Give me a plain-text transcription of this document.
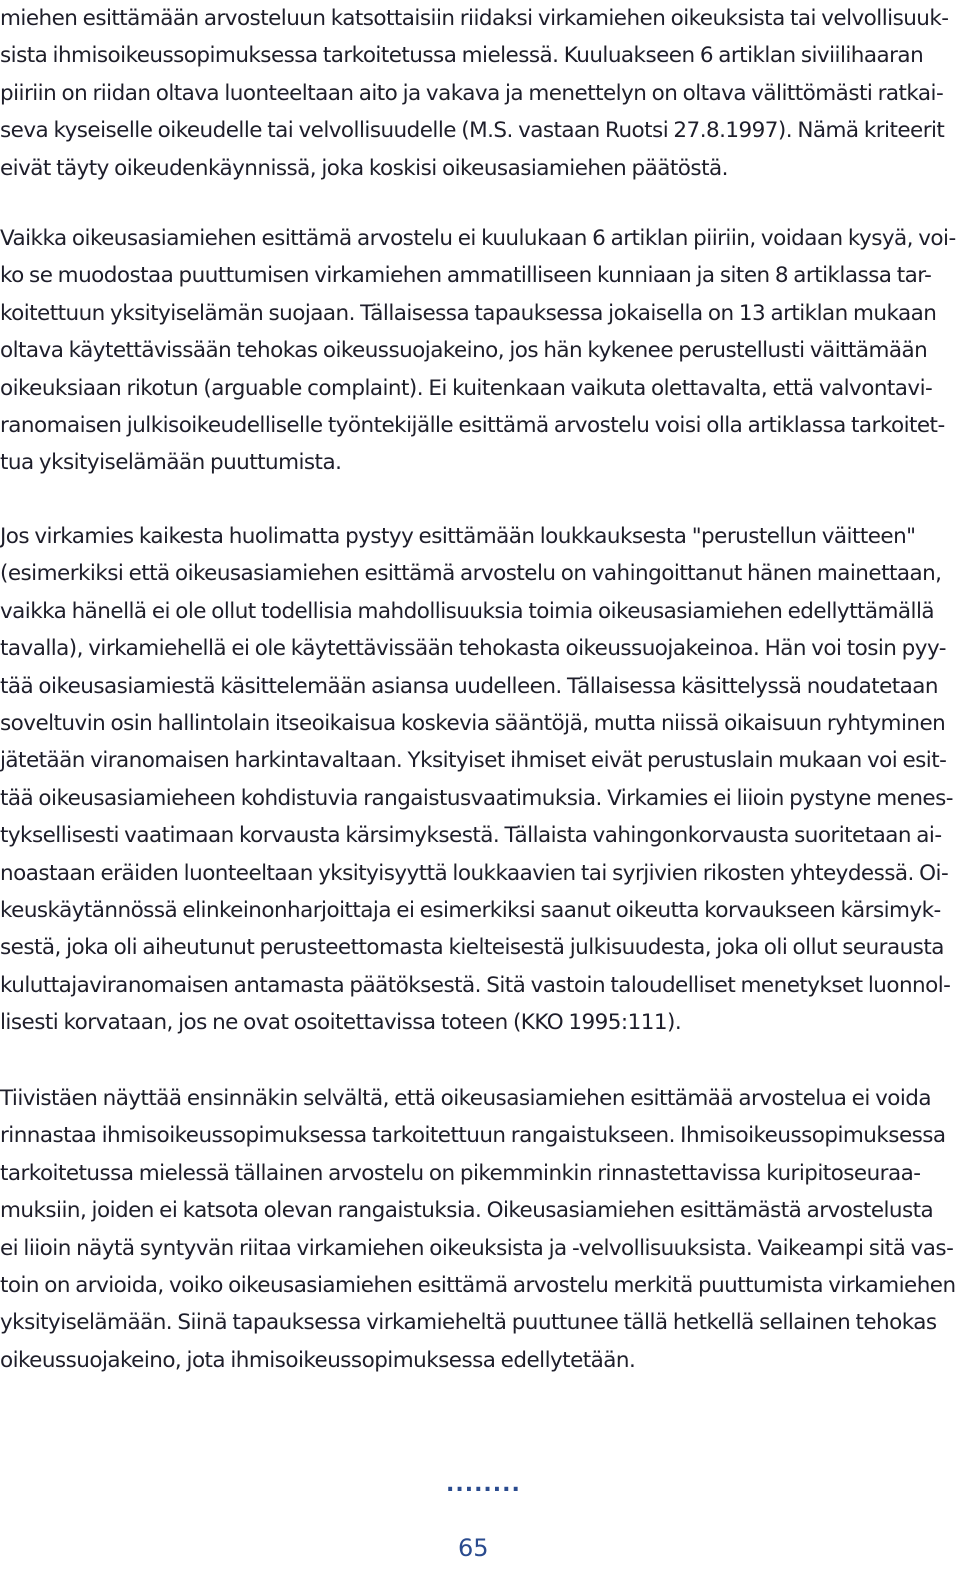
miehen esittämään arvosteluun katsottaisiin riidaksi virkamiehen oikeuksista tai velvollisuuk-
sista ihmisoikeussopimuksessa tarkoitetussa mielessä. Kuuluakseen 6 artiklan siviilihaaran
piiriin on riidan oltava luonteeltaan aito ja vakava ja menettelyn on oltava välittömästi ratkai-
seva kyseiselle oikeudelle tai velvollisuudelle (M.S. vastaan Ruotsi 27.8.1997). Nämä kriteerit
eivät täyty oikeudenkäynnissä, joka koskisi oikeusasiamiehen päätöstä.

Vaikka oikeusasiamiehen esittämä arvostelu ei kuulukaan 6 artiklan piiriin, voidaan kysyä, voi-
ko se muodostaa puuttumisen virkamiehen ammatilliseen kunniaan ja siten 8 artiklassa tar-
koitettuun yksityiselämän suojaan. Tällaisessa tapauksessa jokaisella on 13 artiklan mukaan
oltava käytettävissään tehokas oikeussuojakeino, jos hän kykenee perustellusti väittämään
oikeuksiaan rikotun (arguable complaint). Ei kuitenkaan vaikuta olettavalta, että valvontavi-
ranomaisen julkisoikeudelliselle työntekijälle esittämä arvostelu voisi olla artiklassa tarkoitet-
tua yksityiselämään puuttumista.

Jos virkamies kaikesta huolimatta pystyy esittämään loukkauksesta "perustellun väitteen"
(esimerkiksi että oikeusasiamiehen esittämä arvostelu on vahingoittanut hänen mainettaan,
vaikka hänellä ei ole ollut todellisia mahdollisuuksia toimia oikeusasiamiehen edellyttämällä
tavalla), virkamiehellä ei ole käytettävissään tehokasta oikeussuojakeinoa. Hän voi tosin pyy-
tää oikeusasiamiestä käsittelemään asiansa uudelleen. Tällaisessa käsittelyssä noudatetaan
soveltuvin osin hallintolain itseoikaisua koskevia sääntöjä, mutta niissä oikaisuun ryhtyminen
jätetään viranomaisen harkintavaltaan. Yksityiset ihmiset eivät perustuslain mukaan voi esit-
tää oikeusasiamieheen kohdistuvia rangaistusvaatimuksia. Virkamies ei liioin pystyne menes-
tyksellisesti vaatimaan korvausta kärsimyksestä. Tällaista vahingonkorvausta suoritetaan ai-
noastaan eräiden luonteeltaan yksityisyyttä loukkaavien tai syrjivien rikosten yhteydessä. Oi-
keuskäytännössä elinkeinonharjoittaja ei esimerkiksi saanut oikeutta korvaukseen kärsimyk-
sestä, joka oli aiheutunut perusteettomasta kielteisestä julkisuudesta, joka oli ollut seurausta
kuluttajaviranomaisen antamasta päätöksestä. Sitä vastoin taloudelliset menetykset luonnol-
lisesti korvataan, jos ne ovat osoitettavissa toteen (KKO 1995:111).

Tiivistäen näyttää ensinnäkin selvältä, että oikeusasiamiehen esittämää arvostelua ei voida
rinnastaa ihmisoikeussopimuksessa tarkoitettuun rangaistukseen. Ihmisoikeussopimuksessa
tarkoitetussa mielessä tällainen arvostelu on pikemminkin rinnastettavissa kuripitoseuraa-
muksiin, joiden ei katsota olevan rangaistuksia. Oikeusasiamiehen esittämästä arvostelusta
ei liioin näytä syntyvän riitaa virkamiehen oikeuksista ja -velvollisuuksista. Vaikeampi sitä vas-
toin on arvioida, voiko oikeusasiamiehen esittämä arvostelu merkitä puuttumista virkamiehen
yksityiselämään. Siinä tapauksessa virkamieheltä puuttunee tällä hetkellä sellainen tehokas
oikeussuojakeino, jota ihmisoikeussopimuksessa edellytetään.

........
65
